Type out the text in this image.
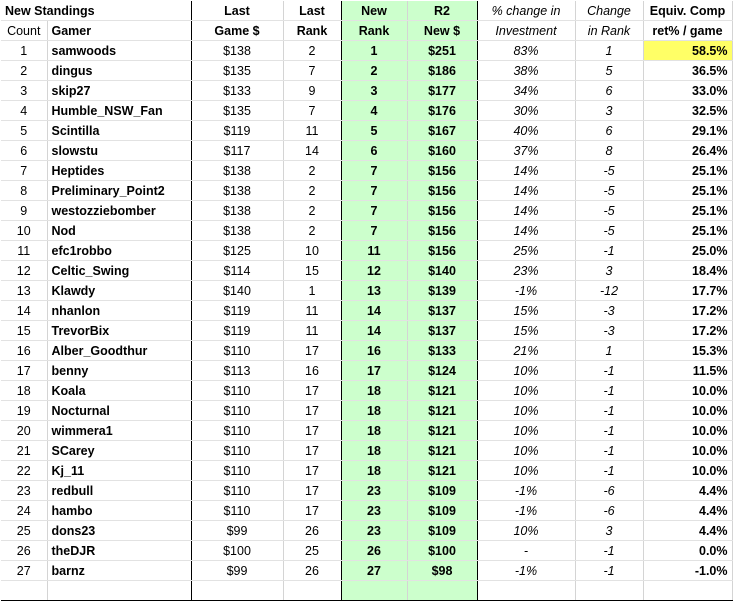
New Standings		Last	Last	New	R2	% change in	Change	Equiv. Comp
Count	Gamer	Game $	Rank	Rank	New $	Investment	in Rank	ret% / game
1	samwoods	$138	2	1	$251	83%	1	58.5%
2	dingus	$135	7	2	$186	38%	5	36.5%
3	skip27	$133	9	3	$177	34%	6	33.0%
4	Humble_NSW_Fan	$135	7	4	$176	30%	3	32.5%
5	Scintilla	$119	11	5	$167	40%	6	29.1%
6	slowstu	$117	14	6	$160	37%	8	26.4%
7	Heptides	$138	2	7	$156	14%	-5	25.1%
8	Preliminary_Point2	$138	2	7	$156	14%	-5	25.1%
9	westozziebomber	$138	2	7	$156	14%	-5	25.1%
10	Nod	$138	2	7	$156	14%	-5	25.1%
11	efc1robbo	$125	10	11	$156	25%	-1	25.0%
12	Celtic_Swing	$114	15	12	$140	23%	3	18.4%
13	Klawdy	$140	1	13	$139	-1%	-12	17.7%
14	nhanlon	$119	11	14	$137	15%	-3	17.2%
15	TrevorBix	$119	11	14	$137	15%	-3	17.2%
16	Alber_Goodthur	$110	17	16	$133	21%	1	15.3%
17	benny	$113	16	17	$124	10%	-1	11.5%
18	Koala	$110	17	18	$121	10%	-1	10.0%
19	Nocturnal	$110	17	18	$121	10%	-1	10.0%
20	wimmera1	$110	17	18	$121	10%	-1	10.0%
21	SCarey	$110	17	18	$121	10%	-1	10.0%
22	Kj_11	$110	17	18	$121	10%	-1	10.0%
23	redbull	$110	17	23	$109	-1%	-6	4.4%
24	hambo	$110	17	23	$109	-1%	-6	4.4%
25	dons23	$99	26	23	$109	10%	3	4.4%
26	theDJR	$100	25	26	$100	-	-1	0.0%
27	barnz	$99	26	27	$98	-1%	-1	-1.0%
